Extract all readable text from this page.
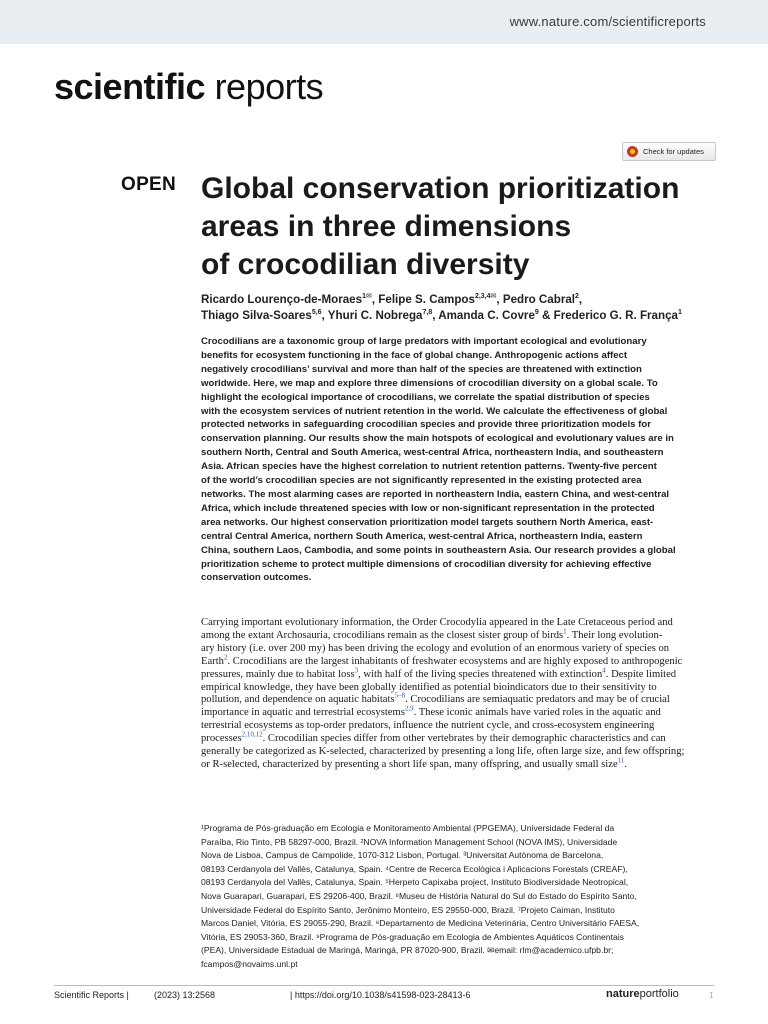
www.nature.com/scientificreports
scientific reports
Check for updates
OPEN Global conservation prioritization
areas in three dimensions
of crocodilian diversity
Ricardo Lourenço‑de‑Moraes$^{1✉}$, Felipe S. Campos$^{2,3,4✉}$, Pedro Cabral$^2$,
Thiago Silva‑Soares$^{5,6}$, Yhuri C. Nobrega$^{7,8}$, Amanda C. Covre$^9$ & Frederico G. R. França$^1$
Crocodilians are a taxonomic group of large predators with important ecological and evolutionary
benefits for ecosystem functioning in the face of global change. Anthropogenic actions affect
negatively crocodilians’ survival and more than half of the species are threatened with extinction
worldwide. Here, we map and explore three dimensions of crocodilian diversity on a global scale. To
highlight the ecological importance of crocodilians, we correlate the spatial distribution of species
with the ecosystem services of nutrient retention in the world. We calculate the effectiveness of global
protected networks in safeguarding crocodilian species and provide three prioritization models for
conservation planning. Our results show the main hotspots of ecological and evolutionary values are in
southern North, Central and South America, west‑central Africa, northeastern India, and southeastern
Asia. African species have the highest correlation to nutrient retention patterns. Twenty‑five percent
of the world’s crocodilian species are not significantly represented in the existing protected area
networks. The most alarming cases are reported in northeastern India, eastern China, and west‑central
Africa, which include threatened species with low or non‑significant representation in the protected
area networks. Our highest conservation prioritization model targets southern North America, east‑
central Central America, northern South America, west‑central Africa, northeastern India, eastern
China, southern Laos, Cambodia, and some points in southeastern Asia. Our research provides a global
prioritization scheme to protect multiple dimensions of crocodilian diversity for achieving effective
conservation outcomes.
Carrying important evolutionary information, the Order Crocodylia appeared in the Late Cretaceous period and
among the extant Archosauria, crocodilians remain as the closest sister group of birds$^1$. Their long evolution-
ary history (i.e. over 200 my) has been driving the ecology and evolution of an enormous variety of species on
Earth$^2$. Crocodilians are the largest inhabitants of freshwater ecosystems and are highly exposed to anthropogenic
pressures, mainly due to habitat loss$^3$, with half of the living species threatened with extinction$^4$. Despite limited
empirical knowledge, they have been globally identified as potential bioindicators due to their sensitivity to
pollution, and dependence on aquatic habitats$^{5-8}$. Crocodilians are semiaquatic predators and may be of crucial
importance in aquatic and terrestrial ecosystems$^{2,9}$. These iconic animals have varied roles in the aquatic and
terrestrial ecosystems as top-order predators, influence the nutrient cycle, and cross-ecosystem engineering
processes$^{2,10,12}$. Crocodilian species differ from other vertebrates by their demographic characteristics and can
generally be categorized as K-selected, characterized by presenting a long life, often large size, and few offspring;
or R-selected, characterized by presenting a short life span, many offspring, and usually small size$^{11}$.
¹Programa de Pós‑graduação em Ecologia e Monitoramento Ambiental (PPGEMA), Universidade Federal da
Paraíba, Rio Tinto, PB 58297‑000, Brazil. ²NOVA Information Management School (NOVA IMS), Universidade
Nova de Lisboa, Campus de Campolide, 1070‑312 Lisbon, Portugal. ³Universitat Autònoma de Barcelona,
08193 Cerdanyola del Vallès, Catalunya, Spain. ⁴Centre de Recerca Ecològica i Aplicacions Forestals (CREAF),
08193 Cerdanyola del Vallès, Catalunya, Spain. ⁵Herpeto Capixaba project, Instituto Biodiversidade Neotropical,
Nova Guarapari, Guarapari, ES 29206‑400, Brazil. ⁶Museu de História Natural do Sul do Estado do Espírito Santo,
Universidade Federal do Espírito Santo, Jerônimo Monteiro, ES 29550‑000, Brazil. ⁷Projeto Caiman, Instituto
Marcos Daniel, Vitória, ES 29055‑290, Brazil. ⁸Departamento de Medicina Veterinária, Centro Universitário FAESA,
Vitória, ES 29053‑360, Brazil. ⁹Programa de Pós‑graduação em Ecologia de Ambientes Aquáticos Continentais
(PEA), Universidade Estadual de Maringá, Maringá, PR 87020‑900, Brazil. ✉email: rlm@academico.ufpb.br;
fcampos@novaims.unl.pt
Scientific Reports |	(2023) 13:2568	| https://doi.org/10.1038/s41598-023-28413-6	natureportfolio	1
